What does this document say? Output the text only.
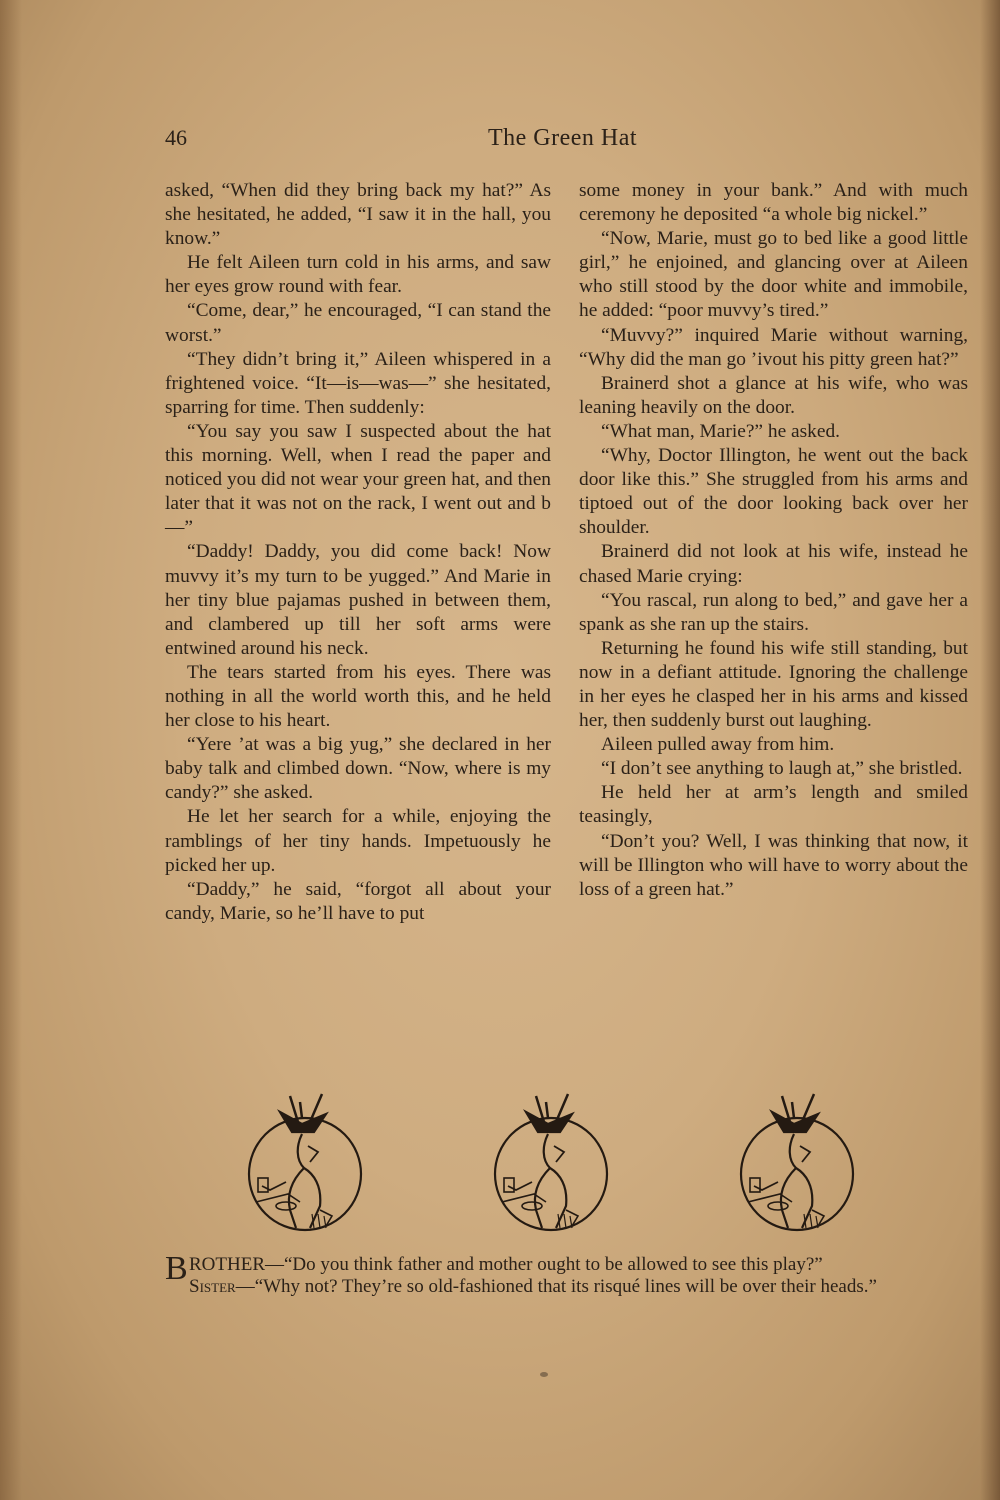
46	The Green Hat

asked, “When did they bring back my hat?” As she hesitated, he added, “I saw it in the hall, you know.”

He felt Aileen turn cold in his arms, and saw her eyes grow round with fear.

“Come, dear,” he encouraged, “I can stand the worst.”

“They didn’t bring it,” Aileen whispered in a frightened voice. “It—is—was—” she hesitated, sparring for time. Then suddenly:

“You say you saw I suspected about the hat this morning. Well, when I read the paper and noticed you did not wear your green hat, and then later that it was not on the rack, I went out and b—”

“Daddy! Daddy, you did come back! Now muvvy it’s my turn to be yugged.” And Marie in her tiny blue pajamas pushed in between them, and clambered up till her soft arms were entwined around his neck.

The tears started from his eyes. There was nothing in all the world worth this, and he held her close to his heart.

“Yere ’at was a big yug,” she declared in her baby talk and climbed down. “Now, where is my candy?” she asked.

He let her search for a while, enjoying the ramblings of her tiny hands. Impetuously he picked her up.

“Daddy,” he said, “forgot all about your candy, Marie, so he’ll have to put

some money in your bank.” And with much ceremony he deposited “a whole big nickel.”

“Now, Marie, must go to bed like a good little girl,” he enjoined, and glancing over at Aileen who still stood by the door white and immobile, he added: “poor muvvy’s tired.”

“Muvvy?” inquired Marie without warning, “Why did the man go ’ivout his pitty green hat?”

Brainerd shot a glance at his wife, who was leaning heavily on the door.

“What man, Marie?” he asked.

“Why, Doctor Illington, he went out the back door like this.” She struggled from his arms and tiptoed out of the door looking back over her shoulder.

Brainerd did not look at his wife, instead he chased Marie crying:

“You rascal, run along to bed,” and gave her a spank as she ran up the stairs.

Returning he found his wife still standing, but now in a defiant attitude. Ignoring the challenge in her eyes he clasped her in his arms and kissed her, then suddenly burst out laughing.

Aileen pulled away from him.

“I don’t see anything to laugh at,” she bristled.

He held her at arm’s length and smiled teasingly,

“Don’t you? Well, I was thinking that now, it will be Illington who will have to worry about the loss of a green hat.”

B ROTHER—“Do you think father and mother ought to be allowed to see this play?”

Sister—“Why not? They’re so old-fashioned that its risqué lines will be over their heads.”
